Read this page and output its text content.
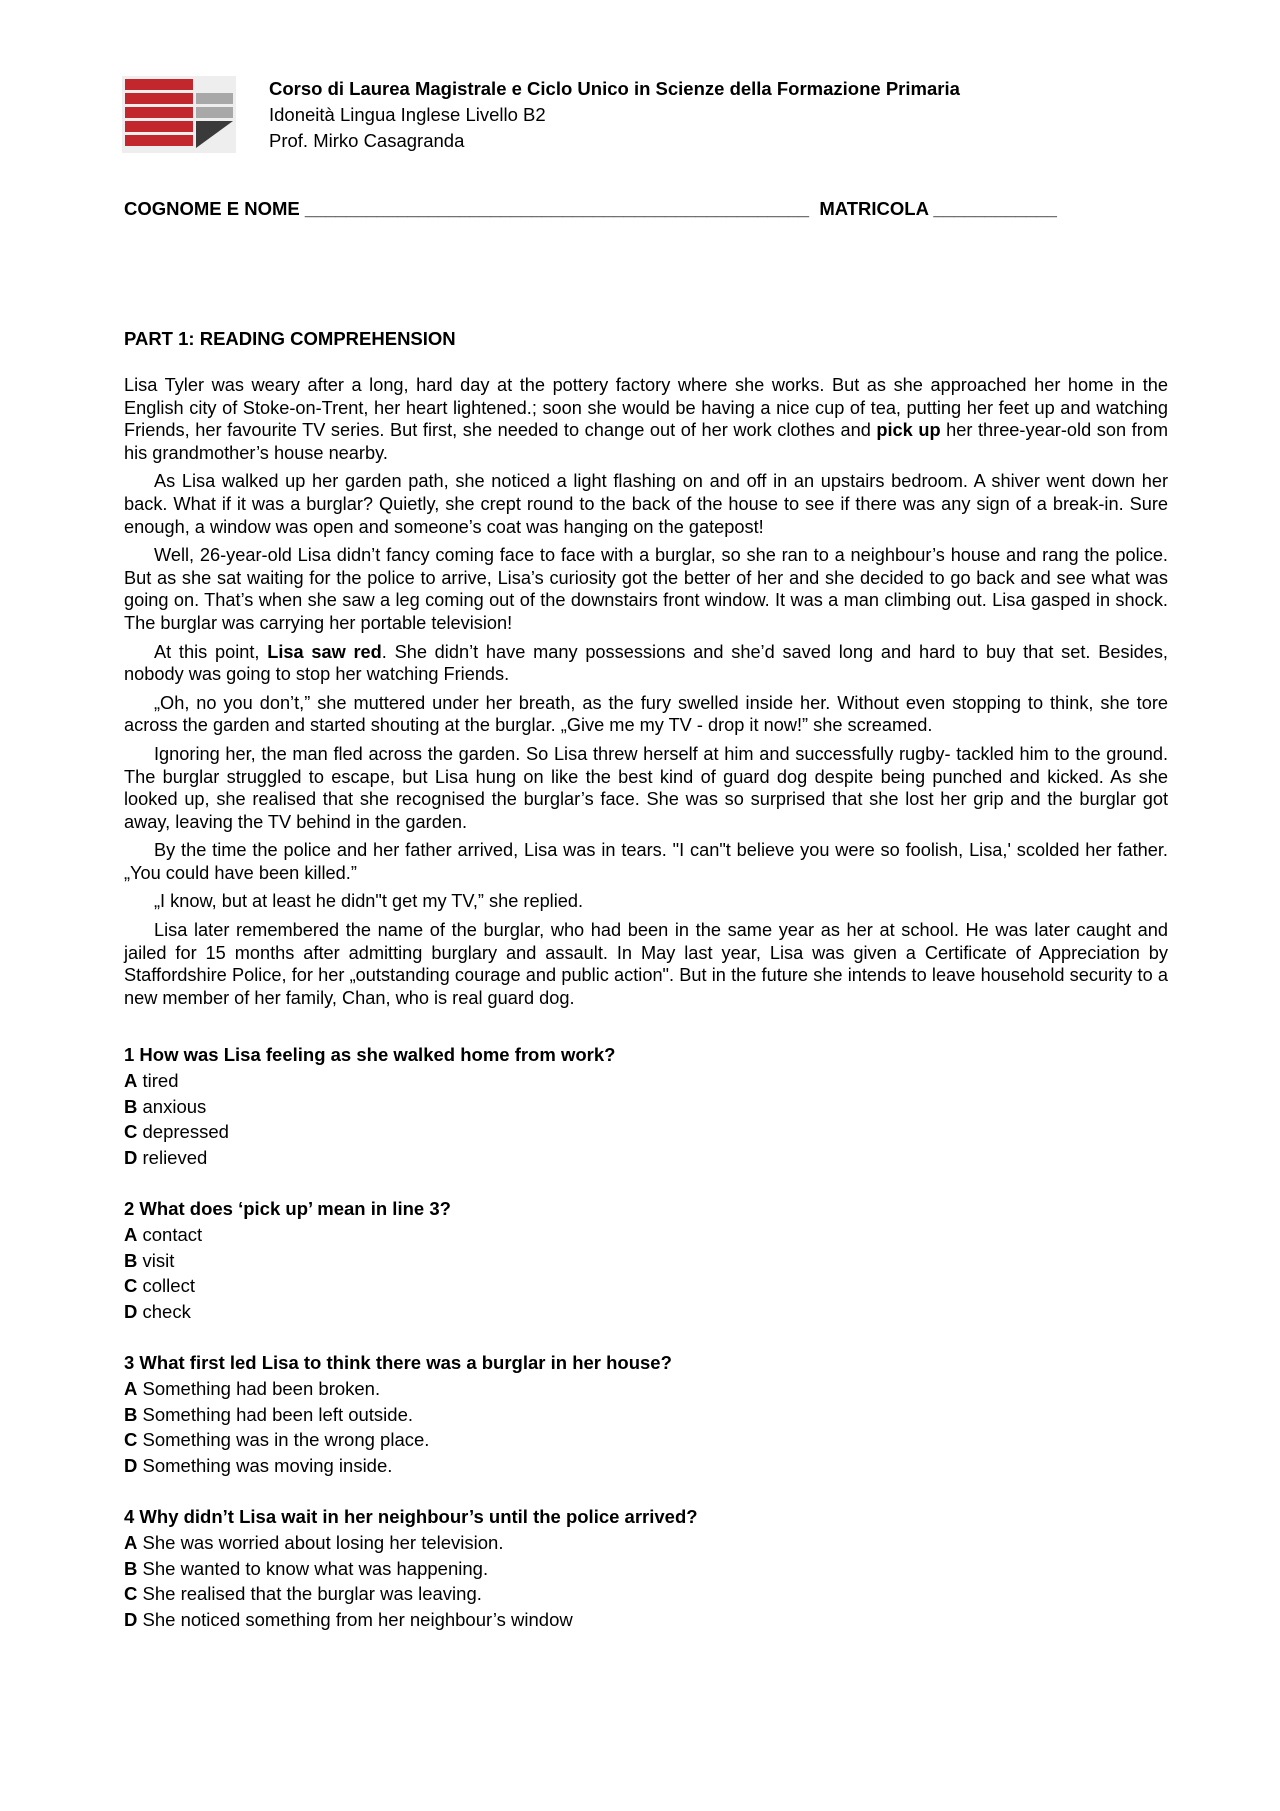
Corso di Laurea Magistrale e Ciclo Unico in Scienze della Formazione Primaria
Idoneità Lingua Inglese Livello B2
Prof. Mirko Casagranda
COGNOME E NOME _________________________________________________ MATRICOLA ____________
PART 1: READING COMPREHENSION

Lisa Tyler was weary after a long, hard day at the pottery factory where she works. But as she approached her home in the English city of Stoke-on-Trent, her heart lightened.; soon she would be having a nice cup of tea, putting her feet up and watching Friends, her favourite TV series. But first, she needed to change out of her work clothes and pick up her three-year-old son from his grandmother’s house nearby.

As Lisa walked up her garden path, she noticed a light flashing on and off in an upstairs bedroom. A shiver went down her back. What if it was a burglar? Quietly, she crept round to the back of the house to see if there was any sign of a break-in. Sure enough, a window was open and someone’s coat was hanging on the gatepost!

Well, 26-year-old Lisa didn’t fancy coming face to face with a burglar, so she ran to a neighbour’s house and rang the police. But as she sat waiting for the police to arrive, Lisa’s curiosity got the better of her and she decided to go back and see what was going on. That’s when she saw a leg coming out of the downstairs front window. It was a man climbing out. Lisa gasped in shock. The burglar was carrying her portable television!

At this point, Lisa saw red. She didn’t have many possessions and she’d saved long and hard to buy that set. Besides, nobody was going to stop her watching Friends.

„Oh, no you don’t,” she muttered under her breath, as the fury swelled inside her. Without even stopping to think, she tore across the garden and started shouting at the burglar. „Give me my TV - drop it now!” she screamed.

Ignoring her, the man fled across the garden. So Lisa threw herself at him and successfully rugby- tackled him to the ground. The burglar struggled to escape, but Lisa hung on like the best kind of guard dog despite being punched and kicked. As she looked up, she realised that she recognised the burglar’s face. She was so surprised that she lost her grip and the burglar got away, leaving the TV behind in the garden.

By the time the police and her father arrived, Lisa was in tears. "I can"t believe you were so foolish, Lisa,' scolded her father. „You could have been killed.”

„I know, but at least he didn"t get my TV,” she replied.

Lisa later remembered the name of the burglar, who had been in the same year as her at school. He was later caught and jailed for 15 months after admitting burglary and assault. In May last year, Lisa was given a Certificate of Appreciation by Staffordshire Police, for her „outstanding courage and public action". But in the future she intends to leave household security to a new member of her family, Chan, who is real guard dog.

1 How was Lisa feeling as she walked home from work?
A tired
B anxious
C depressed
D relieved
2 What does ‘pick up’ mean in line 3?
A contact
B visit
C collect
D check
3 What first led Lisa to think there was a burglar in her house?
A Something had been broken.
B Something had been left outside.
C Something was in the wrong place.
D Something was moving inside.
4 Why didn’t Lisa wait in her neighbour’s until the police arrived?
A She was worried about losing her television.
B She wanted to know what was happening.
C She realised that the burglar was leaving.
D She noticed something from her neighbour’s window
